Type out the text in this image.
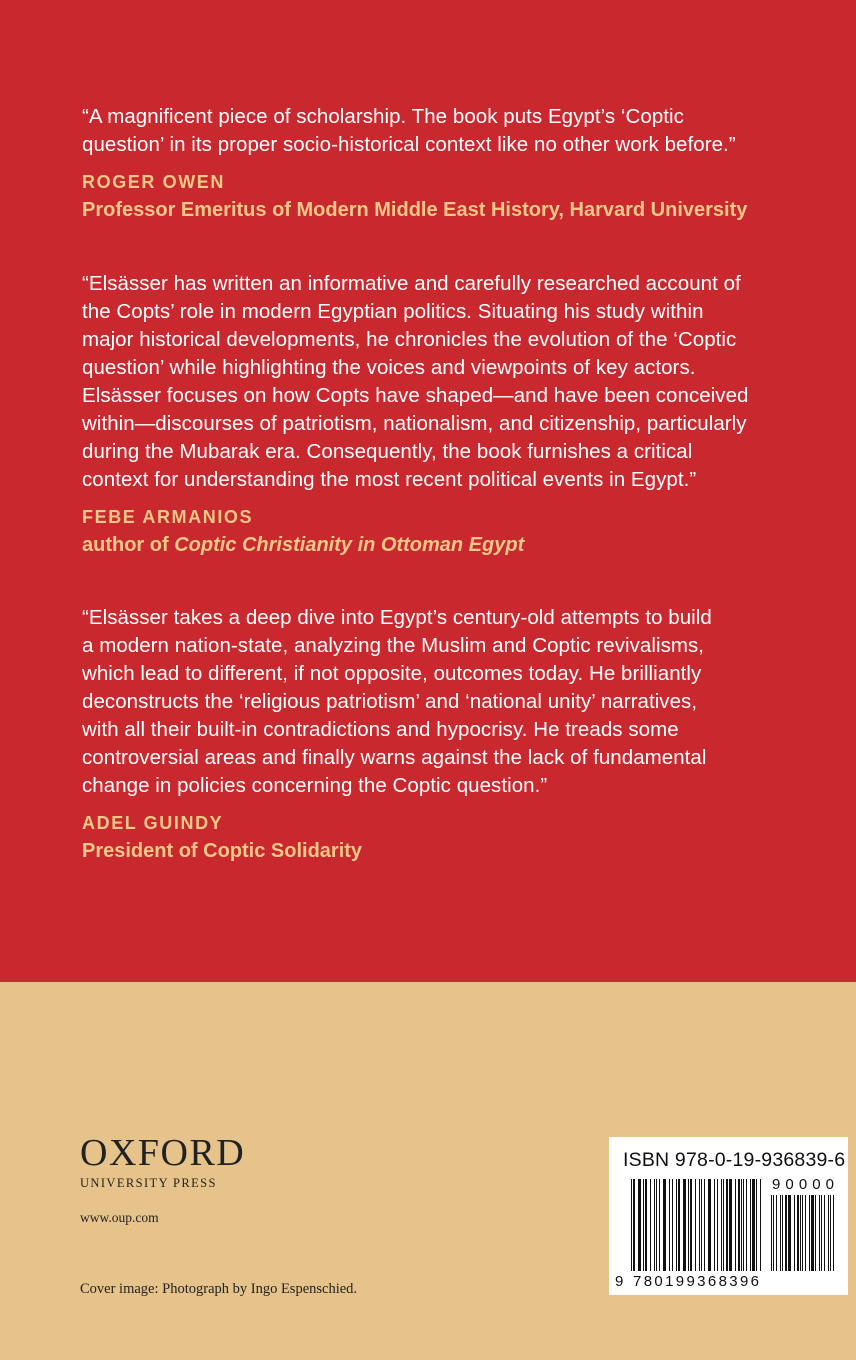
“A magnificent piece of scholarship. The book puts Egypt’s ‘Coptic
question’ in its proper socio-historical context like no other work before.”

ROGER OWEN
Professor Emeritus of Modern Middle East History, Harvard University

“Elsässer has written an informative and carefully researched account of
the Copts’ role in modern Egyptian politics. Situating his study within
major historical developments, he chronicles the evolution of the ‘Coptic
question’ while highlighting the voices and viewpoints of key actors.
Elsässer focuses on how Copts have shaped—and have been conceived
within—discourses of patriotism, nationalism, and citizenship, particularly
during the Mubarak era. Consequently, the book furnishes a critical
context for understanding the most recent political events in Egypt.”

FEBE ARMANIOS
author of Coptic Christianity in Ottoman Egypt

“Elsässer takes a deep dive into Egypt’s century-old attempts to build
a modern nation-state, analyzing the Muslim and Coptic revivalisms,
which lead to different, if not opposite, outcomes today. He brilliantly
deconstructs the ‘religious patriotism’ and ‘national unity’ narratives,
with all their built-in contradictions and hypocrisy. He treads some
controversial areas and finally warns against the lack of fundamental
change in policies concerning the Coptic question.”

ADEL GUINDY
President of Coptic Solidarity
OXFORD
UNIVERSITY PRESS
www.oup.com
Cover image: Photograph by Ingo Espenschied.
ISBN 978-0-19-936839-6
9 780199368396
90000
